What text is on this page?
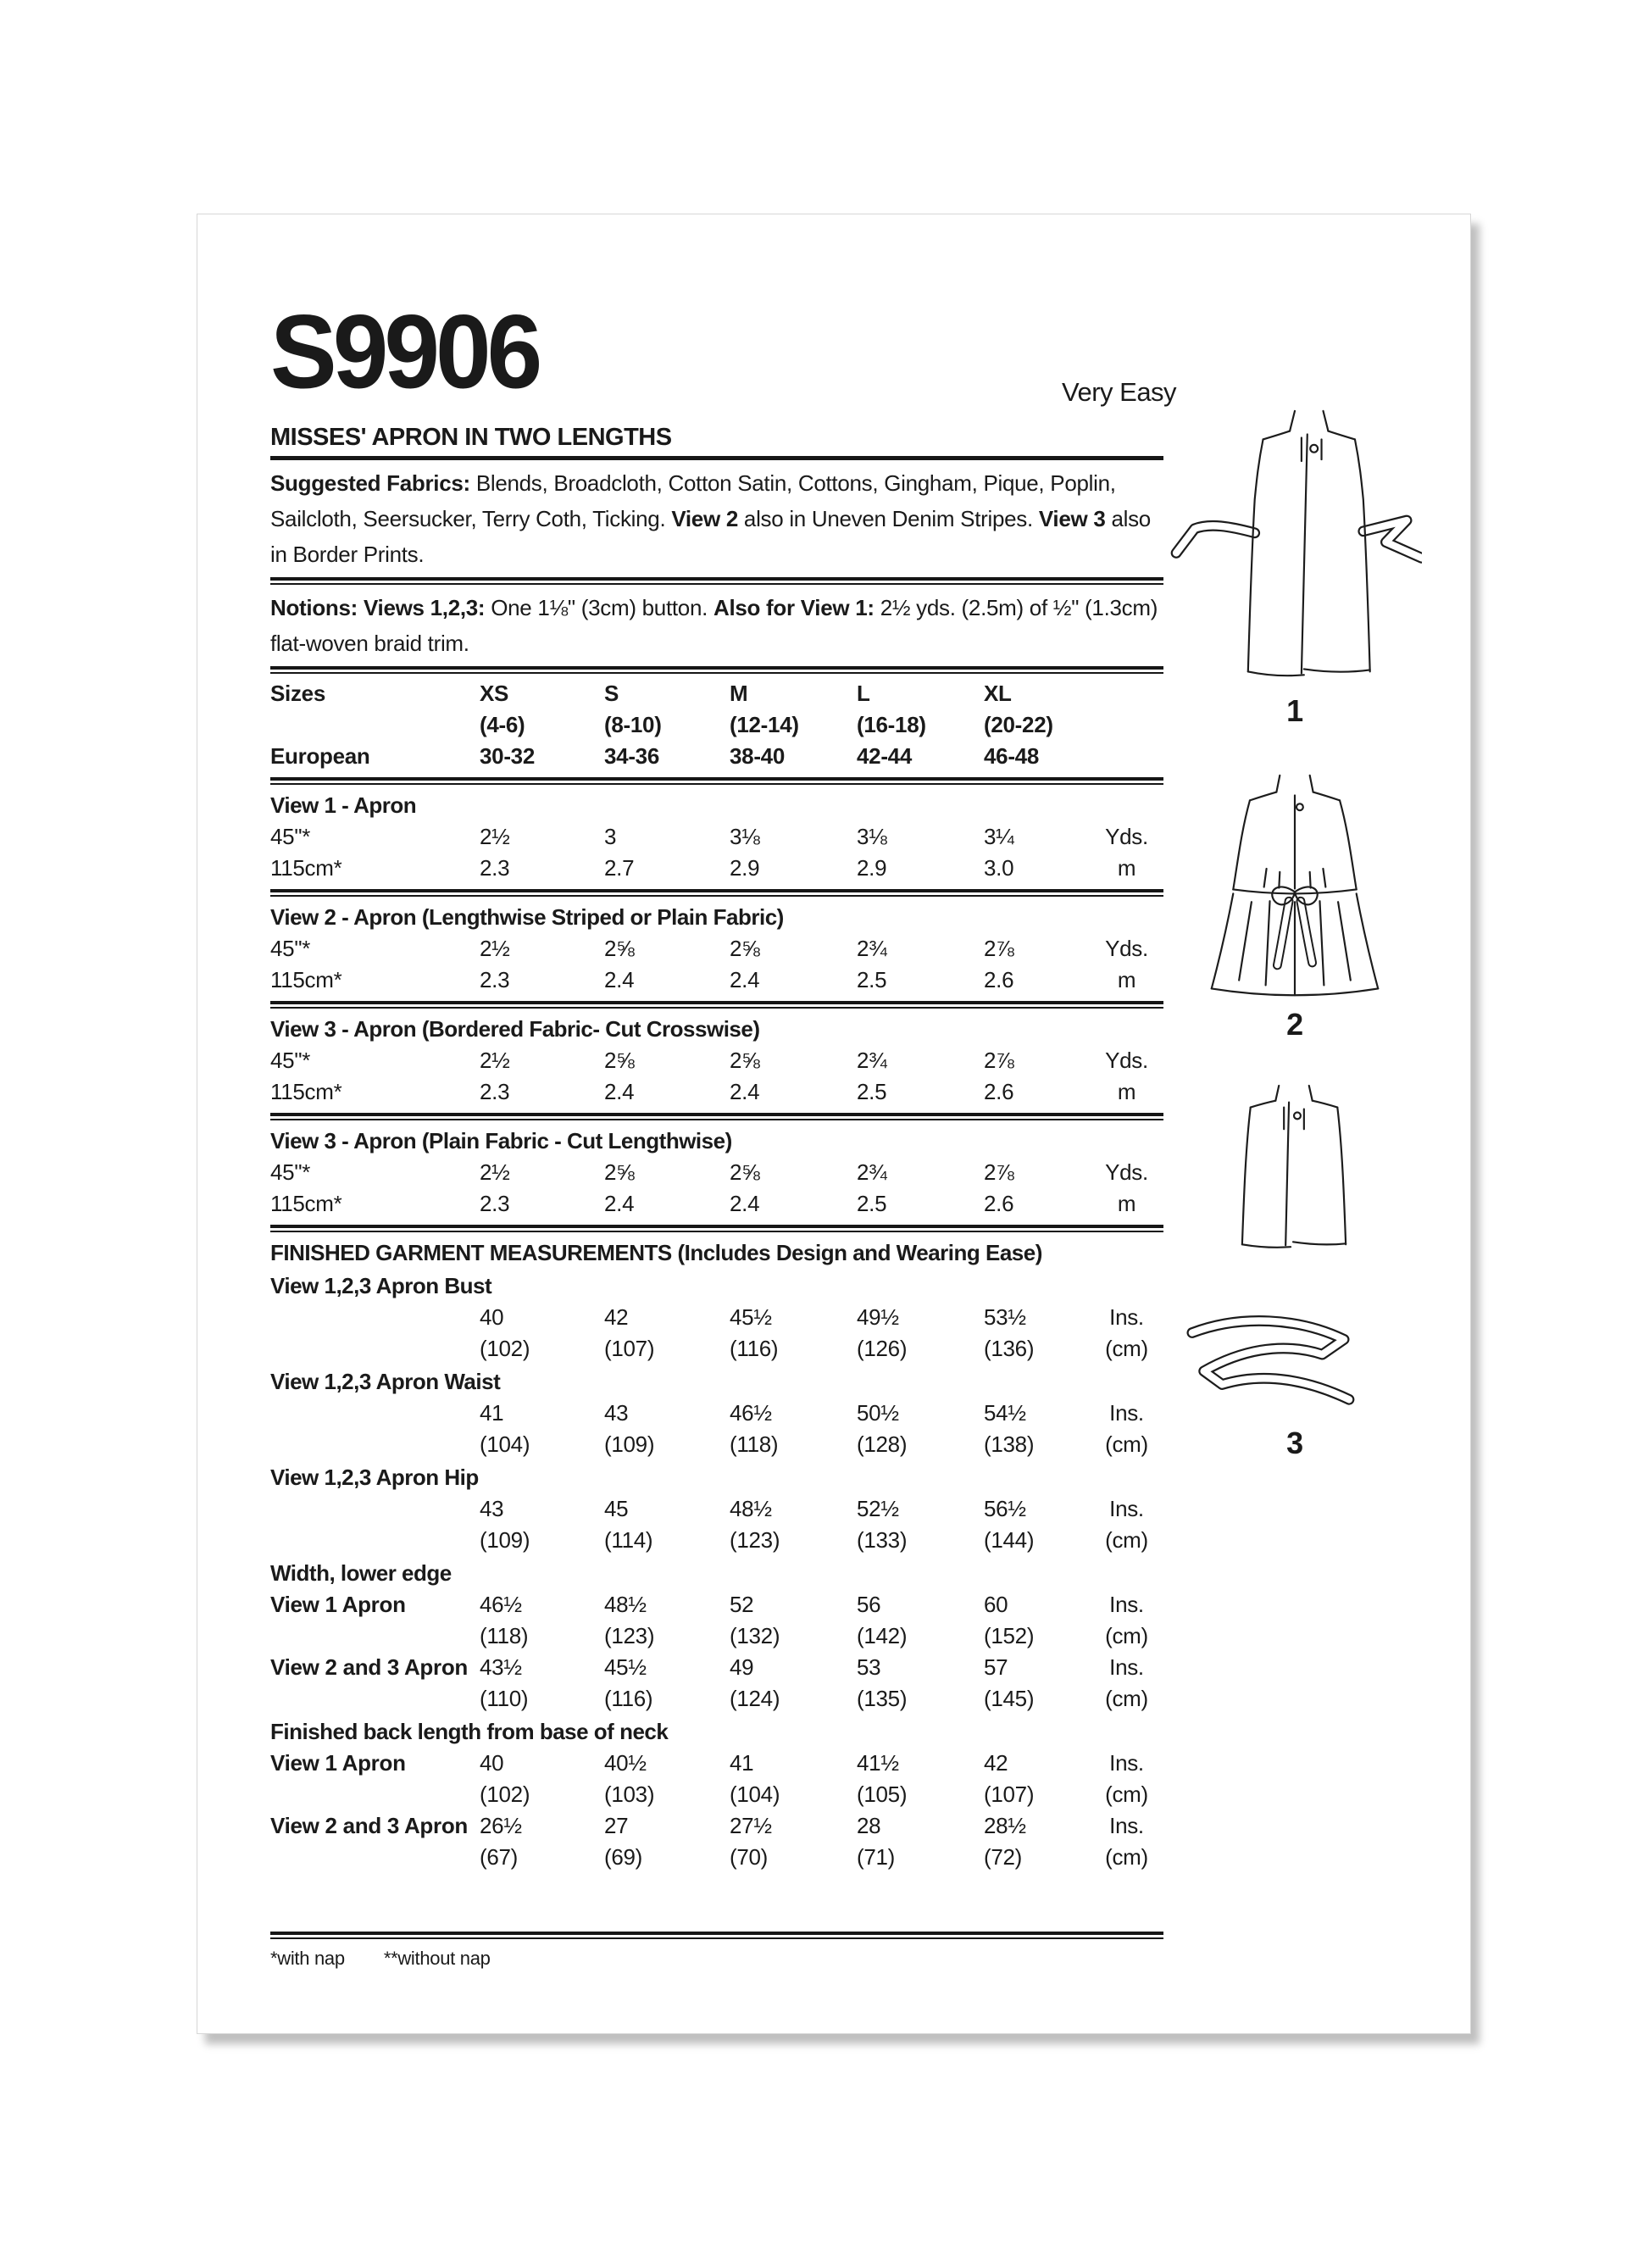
Very Easy
S9906
MISSES' APRON IN TWO LENGTHS
Suggested Fabrics: Blends, Broadcloth, Cotton Satin, Cottons, Gingham, Pique, Poplin, Sailcloth, Seersucker, Terry Coth, Ticking. View 2 also in Uneven Denim Stripes. View 3 also in Border Prints.
Notions: Views 1,2,3: One 1⅛" (3cm) button. Also for View 1: 2½ yds. (2.5m) of ½" (1.3cm) flat-woven braid trim.
Sizes	XS	S	M	L	XL
(4-6)	(8-10)	(12-14)	(16-18)	(20-22)
European	30-32	34-36	38-40	42-44	46-48
View 1 - Apron
45"*	2½	3	3⅛	3⅛	3¼	Yds.
115cm*	2.3	2.7	2.9	2.9	3.0	m
View 2 - Apron (Lengthwise Striped or Plain Fabric)
45"*	2½	2⅝	2⅝	2¾	2⅞	Yds.
115cm*	2.3	2.4	2.4	2.5	2.6	m
View 3 - Apron (Bordered Fabric- Cut Crosswise)
45"*	2½	2⅝	2⅝	2¾	2⅞	Yds.
115cm*	2.3	2.4	2.4	2.5	2.6	m
View 3 - Apron (Plain Fabric - Cut Lengthwise)
45"*	2½	2⅝	2⅝	2¾	2⅞	Yds.
115cm*	2.3	2.4	2.4	2.5	2.6	m
FINISHED GARMENT MEASUREMENTS (Includes Design and Wearing Ease)
View 1,2,3 Apron Bust
40	42	45½	49½	53½	Ins.
(102)	(107)	(116)	(126)	(136)	(cm)
View 1,2,3 Apron Waist
41	43	46½	50½	54½	Ins.
(104)	(109)	(118)	(128)	(138)	(cm)
View 1,2,3 Apron Hip
43	45	48½	52½	56½	Ins.
(109)	(114)	(123)	(133)	(144)	(cm)
Width, lower edge
View 1 Apron	46½	48½	52	56	60	Ins.
(118)	(123)	(132)	(142)	(152)	(cm)
View 2 and 3 Apron 43½	45½	49	53	57	Ins.
(110)	(116)	(124)	(135)	(145)	(cm)
Finished back length from base of neck
View 1 Apron	40	40½	41	41½	42	Ins.
(102)	(103)	(104)	(105)	(107)	(cm)
View 2 and 3 Apron 26½	27	27½	28	28½	Ins.
(67)	(69)	(70)	(71)	(72)	(cm)
*with nap **without nap
1
2
3
